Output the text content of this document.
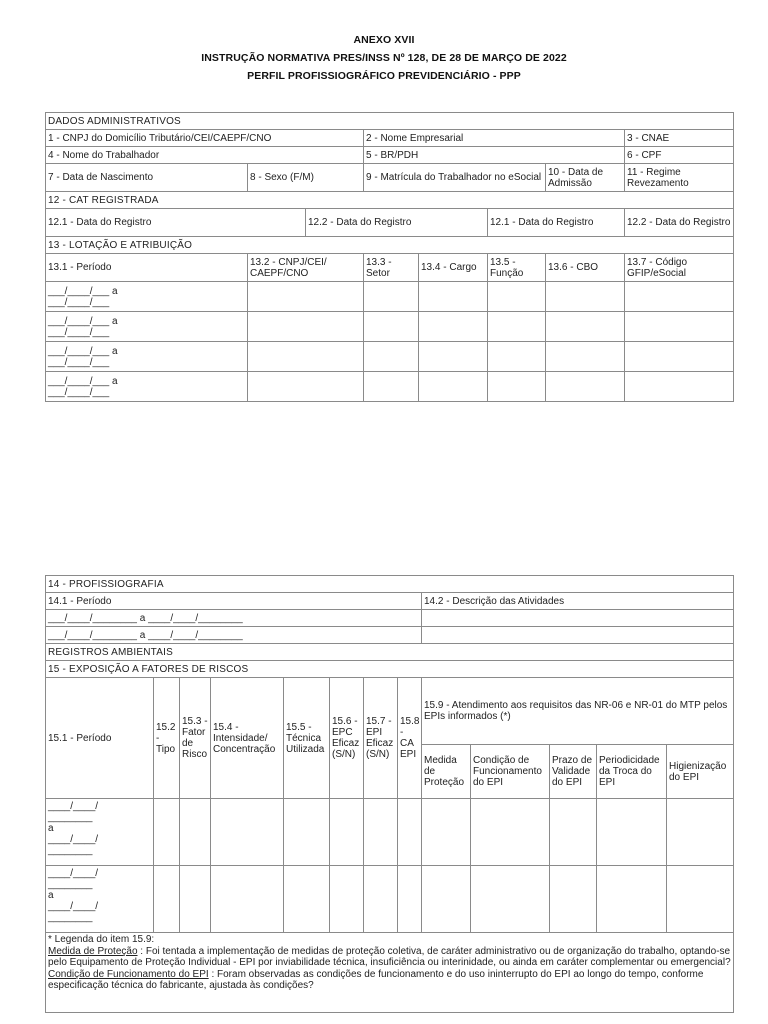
ANEXO XVII
INSTRUÇÃO NORMATIVA PRES/INSS Nº 128, DE 28 DE MARÇO DE 2022
PERFIL PROFISSIOGRÁFICO PREVIDENCIÁRIO - PPP
DADOS ADMINISTRATIVOS							
1 - CNPJ do Domicílio Tributário/CEI/CAEPF/CNO			2 - Nome Empresarial				3 - CNAE
4 - Nome do Trabalhador			5 - BR/PDH				6 - CPF
7 - Data de Nascimento	8 - Sexo (F/M)		9 - Matrícula do Trabalhador no eSocial			10 - Data de Admissão	11 - Regime Revezamento
12 - CAT REGISTRADA							
12.1 - Data do Registro		12.2 - Data do Registro			12.1 - Data do Registro		12.2 - Data do Registro
13 - LOTAÇÃO E ATRIBUIÇÃO							
13.1 - Período	13.2 - CNPJ/CEI/ CAEPF/CNO		13.3 - Setor	13.4 - Cargo	13.5 - Função	13.6 - CBO	13.7 - Código GFIP/eSocial

___/____/___ a
___/____/___							

___/____/___ a
___/____/___							

___/____/___ a
___/____/___							

___/____/___ a
___/____/___							

14 - PROFISSIOGRAFIA												
14.1 - Período								14.2 - Descrição das Atividades				
___/____/________ a ____/____/________												
___/____/________ a ____/____/________												
REGISTROS AMBIENTAIS												
15 - EXPOSIÇÃO A FATORES DE RISCOS												
15.1 - Período	15.2 - Tipo	15.3 - Fator de Risco	15.4 - Intensidade/ Concentração	15.5 - Técnica Utilizada	15.6 - EPC Eficaz (S/N)	15.7 - EPI Eficaz (S/N)	15.8 - CA EPI	15.9 - Atendimento aos requisitos das NR-06 e NR-01 do MTP pelos EPIs informados (*)				
								Medida de Proteção	Condição de Funcionamento do EPI	Prazo de Validade do EPI	Periodicidade da Troca do EPI	Higienização do EPI

____/____/
________
a
____/____/
________												

____/____/
________
a
____/____/
________												

* Legenda do item 15.9:
Medida de Proteção : Foi tentada a implementação de medidas de proteção coletiva, de caráter administrativo ou de organização do trabalho, optando-se pelo Equipamento de Proteção Individual - EPI por inviabilidade técnica, insuficiência ou interinidade, ou ainda em caráter complementar ou emergencial?
Condição de Funcionamento do EPI : Foram observadas as condições de funcionamento e do uso ininterrupto do EPI ao longo do tempo, conforme especificação técnica do fabricante, ajustada às condições?												
